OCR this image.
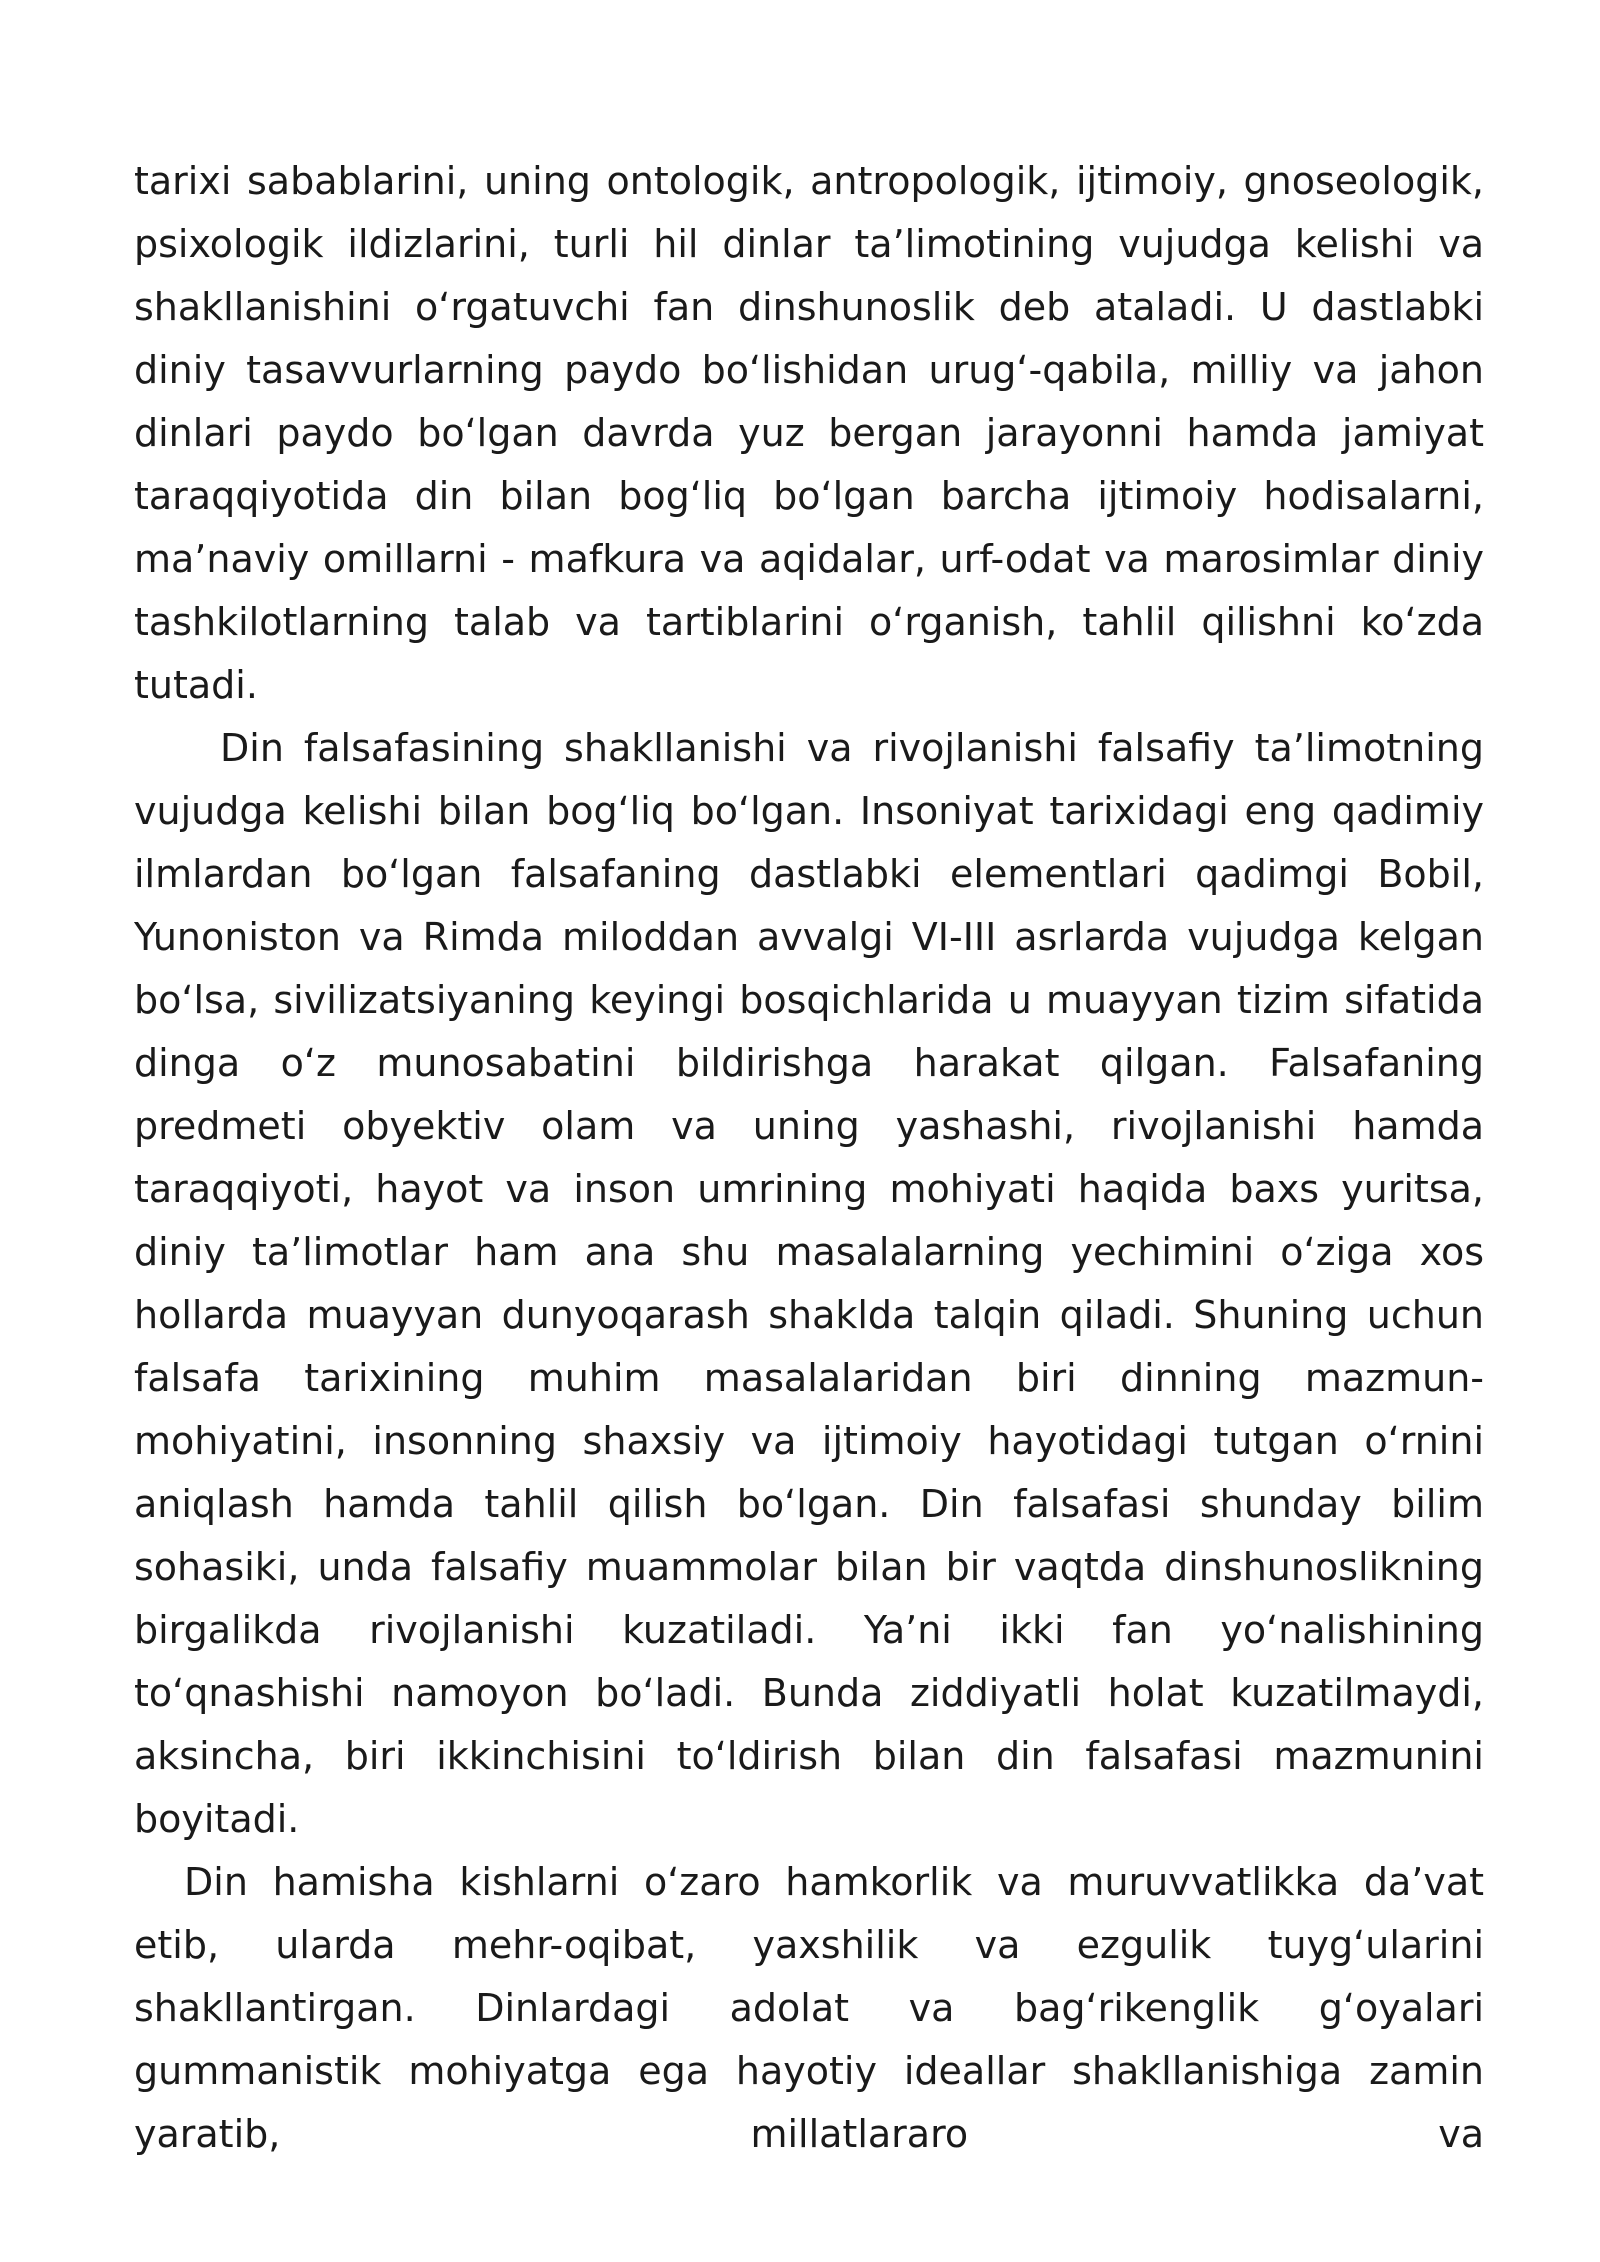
tarixi sabablarini, uning ontologik, antropologik, ijtimoiy, gnoseologik, psixologik ildizlarini, turli hil dinlar ta’limotining vujudga kelishi va shakllanishini o‘rgatuvchi fan dinshunoslik deb ataladi. U dastlabki diniy tasavvurlarning paydo bo‘lishidan urug‘-qabila, milliy va jahon dinlari paydo bo‘lgan davrda yuz bergan jarayonni hamda jamiyat taraqqiyotida din bilan bog‘liq bo‘lgan barcha ijtimoiy hodisalarni, ma’naviy omillarni - mafkura va aqidalar, urf-odat va marosimlar diniy tashkilotlarning talab va tartiblarini o‘rganish, tahlil qilishni ko‘zda tutadi.

Din falsafasining shakllanishi va rivojlanishi falsafiy ta’limotning vujudga kelishi bilan bog‘liq bo‘lgan. Insoniyat tarixidagi eng qadimiy ilmlardan bo‘lgan falsafaning dastlabki elementlari qadimgi Bobil, Yunoniston va Rimda miloddan avvalgi VI-III asrlarda vujudga kelgan bo‘lsa, sivilizatsiyaning keyingi bosqichlarida u muayyan tizim sifatida dinga o‘z munosabatini bildirishga harakat qilgan. Falsafaning predmeti obyektiv olam va uning yashashi, rivojlanishi hamda taraqqiyoti, hayot va inson umrining mohiyati haqida baxs yuritsa, diniy ta’limotlar ham ana shu masalalarning yechimini o‘ziga xos hollarda muayyan dunyoqarash shaklda talqin qiladi. Shuning uchun falsafa tarixining muhim masalalaridan biri dinning mazmun-mohiyatini, insonning shaxsiy va ijtimoiy hayotidagi tutgan o‘rnini aniqlash hamda tahlil qilish bo‘lgan. Din falsafasi shunday bilim sohasiki, unda falsafiy muammolar bilan bir vaqtda dinshunoslikning birgalikda rivojlanishi kuzatiladi. Ya’ni ikki fan yo‘nalishining to‘qnashishi namoyon bo‘ladi. Bunda ziddiyatli holat kuzatilmaydi, aksincha, biri ikkinchisini to‘ldirish bilan din falsafasi mazmunini boyitadi.

Din hamisha kishlarni o‘zaro hamkorlik va muruvvatlikka da’vat etib, ularda mehr-oqibat, yaxshilik va ezgulik tuyg‘ularini shakllantirgan. Dinlardagi adolat va bag‘rikenglik g‘oyalari gummanistik mohiyatga ega hayotiy ideallar shakllanishiga zamin yaratib, millatlararo va
